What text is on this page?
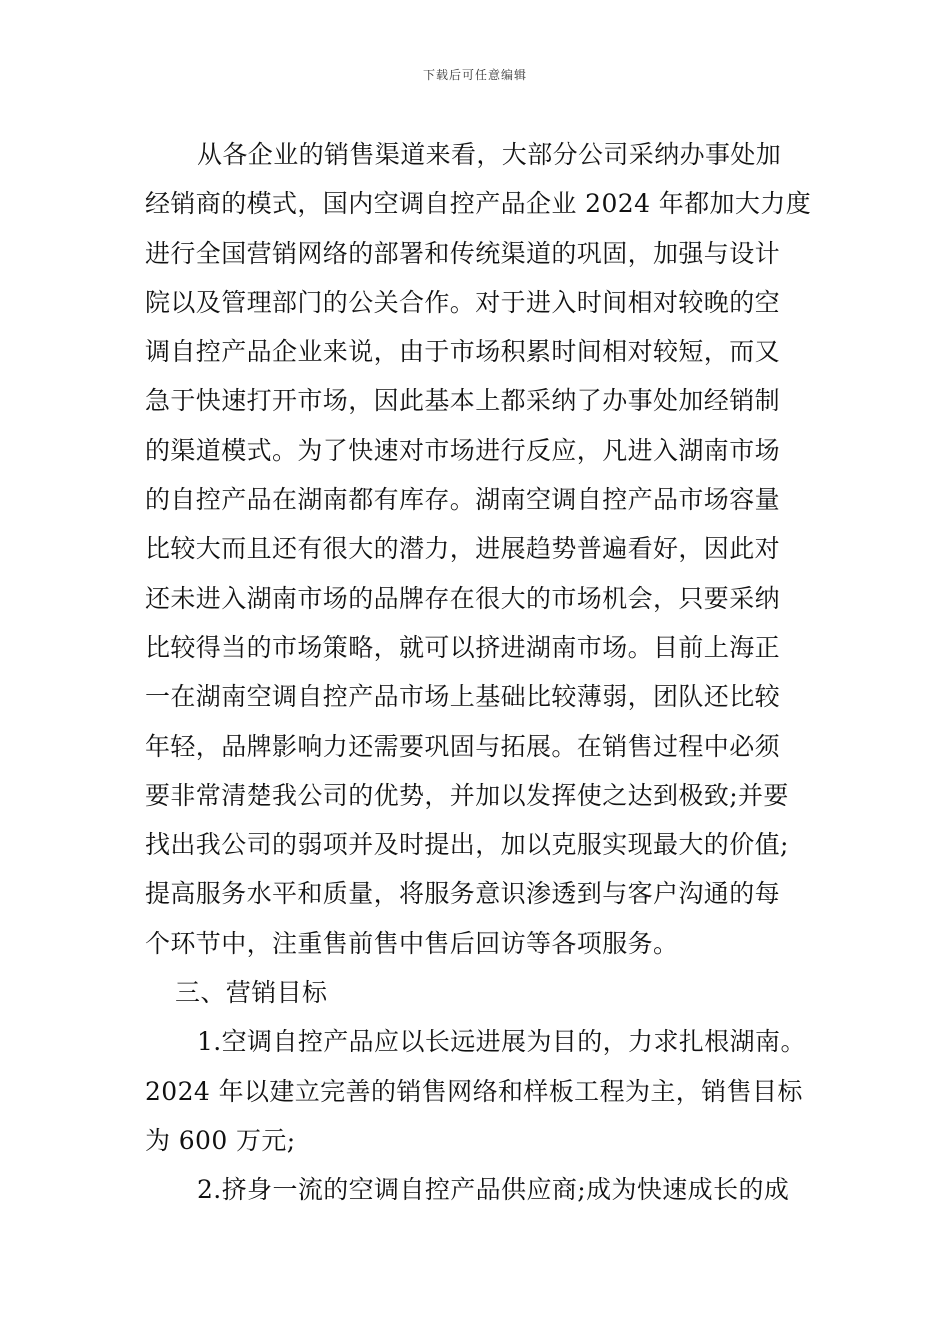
下载后可任意编辑
从各企业的销售渠道来看，大部分公司采纳办事处加
经销商的模式，国内空调自控产品企业 2024 年都加大力度
进行全国营销网络的部署和传统渠道的巩固，加强与设计
院以及管理部门的公关合作。对于进入时间相对较晚的空
调自控产品企业来说，由于市场积累时间相对较短，而又
急于快速打开市场，因此基本上都采纳了办事处加经销制
的渠道模式。为了快速对市场进行反应，凡进入湖南市场
的自控产品在湖南都有库存。湖南空调自控产品市场容量
比较大而且还有很大的潜力，进展趋势普遍看好，因此对
还未进入湖南市场的品牌存在很大的市场机会，只要采纳
比较得当的市场策略，就可以挤进湖南市场。目前上海正
一在湖南空调自控产品市场上基础比较薄弱，团队还比较
年轻，品牌影响力还需要巩固与拓展。在销售过程中必须
要非常清楚我公司的优势，并加以发挥使之达到极致;并要
找出我公司的弱项并及时提出，加以克服实现最大的价值;
提高服务水平和质量，将服务意识渗透到与客户沟通的每
个环节中，注重售前售中售后回访等各项服务。
三、营销目标
1.空调自控产品应以长远进展为目的，力求扎根湖南。
2024 年以建立完善的销售网络和样板工程为主，销售目标
为 600 万元;
2.挤身一流的空调自控产品供应商;成为快速成长的成
